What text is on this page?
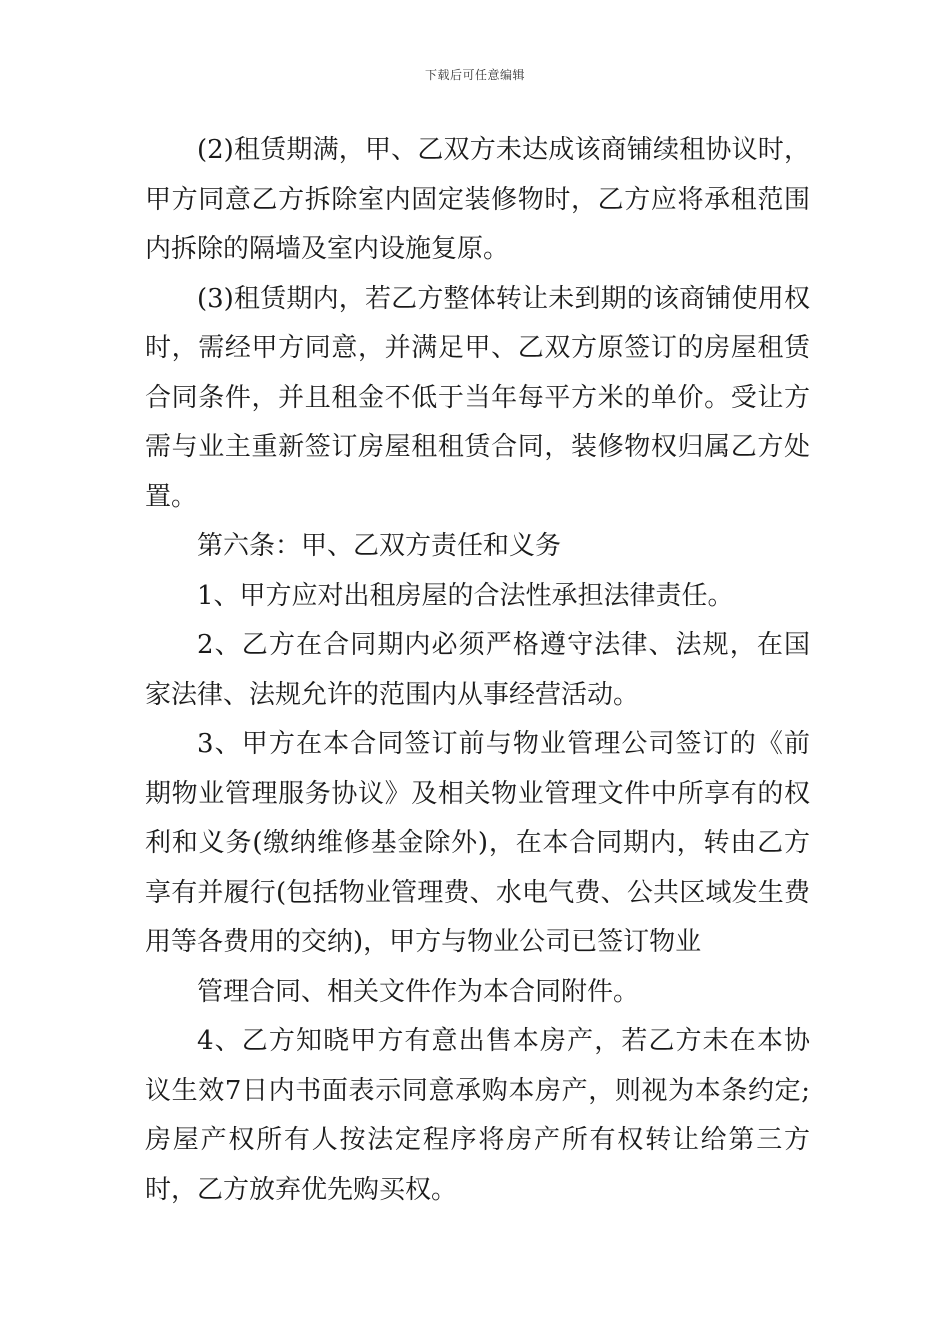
下载后可任意编辑

(2)租赁期满，甲、乙双方未达成该商铺续租协议时，甲方同意乙方拆除室内固定装修物时，乙方应将承租范围内拆除的隔墙及室内设施复原。

(3)租赁期内，若乙方整体转让未到期的该商铺使用权时，需经甲方同意，并满足甲、乙双方原签订的房屋租赁合同条件，并且租金不低于当年每平方米的单价。受让方需与业主重新签订房屋租租赁合同，装修物权归属乙方处置。

第六条：甲、乙双方责任和义务

1、甲方应对出租房屋的合法性承担法律责任。

2、乙方在合同期内必须严格遵守法律、法规，在国家法律、法规允许的范围内从事经营活动。

3、甲方在本合同签订前与物业管理公司签订的《前期物业管理服务协议》及相关物业管理文件中所享有的权利和义务(缴纳维修基金除外)，在本合同期内，转由乙方享有并履行(包括物业管理费、水电气费、公共区域发生费用等各费用的交纳)，甲方与物业公司已签订物业

管理合同、相关文件作为本合同附件。

4、乙方知晓甲方有意出售本房产，若乙方未在本协议生效7日内书面表示同意承购本房产，则视为本条约定;房屋产权所有人按法定程序将房产所有权转让给第三方时，乙方放弃优先购买权。
